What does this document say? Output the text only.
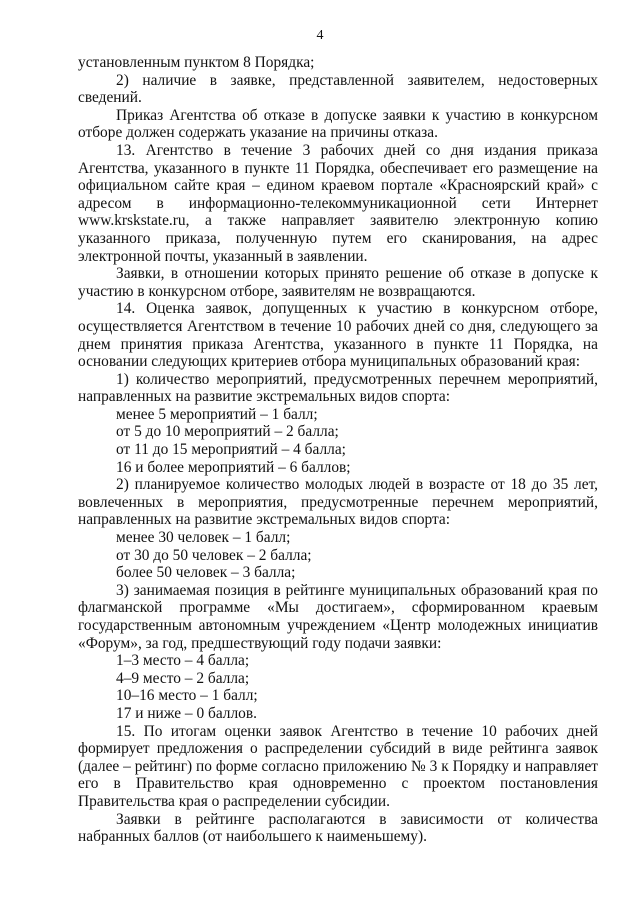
4

установленным пунктом 8 Порядка;

2) наличие в заявке, представленной заявителем, недостоверных сведений.

Приказ Агентства об отказе в допуске заявки к участию в конкурсном отборе должен содержать указание на причины отказа.

13. Агентство в течение 3 рабочих дней со дня издания приказа Агентства, указанного в пункте 11 Порядка, обеспечивает его размещение на официальном сайте края – едином краевом портале «Красноярский край» с адресом в информационно-телекоммуникационной сети Интернет www.krskstate.ru, а также направляет заявителю электронную копию указанного приказа, полученную путем его сканирования, на адрес электронной почты, указанный в заявлении.

Заявки, в отношении которых принято решение об отказе в допуске к участию в конкурсном отборе, заявителям не возвращаются.

14. Оценка заявок, допущенных к участию в конкурсном отборе, осуществляется Агентством в течение 10 рабочих дней со дня, следующего за днем принятия приказа Агентства, указанного в пункте 11 Порядка, на основании следующих критериев отбора муниципальных образований края:

1) количество мероприятий, предусмотренных перечнем мероприятий, направленных на развитие экстремальных видов спорта:

менее 5 мероприятий – 1 балл;

от 5 до 10 мероприятий – 2 балла;

от 11 до 15 мероприятий – 4 балла;

16 и более мероприятий – 6 баллов;

2) планируемое количество молодых людей в возрасте от 18 до 35 лет, вовлеченных в мероприятия, предусмотренные перечнем мероприятий, направленных на развитие экстремальных видов спорта:

менее 30 человек – 1 балл;

от 30 до 50 человек – 2 балла;

более 50 человек – 3 балла;

3) занимаемая позиция в рейтинге муниципальных образований края по флагманской программе «Мы достигаем», сформированном краевым государственным автономным учреждением «Центр молодежных инициатив «Форум», за год, предшествующий году подачи заявки:

1–3 место – 4 балла;

4–9 место – 2 балла;

10–16 место – 1 балл;

17 и ниже – 0 баллов.

15. По итогам оценки заявок Агентство в течение 10 рабочих дней формирует предложения о распределении субсидий в виде рейтинга заявок (далее – рейтинг) по форме согласно приложению № 3 к Порядку и направляет его в Правительство края одновременно с проектом постановления Правительства края о распределении субсидии.

Заявки в рейтинге располагаются в зависимости от количества набранных баллов (от наибольшего к наименьшему).
